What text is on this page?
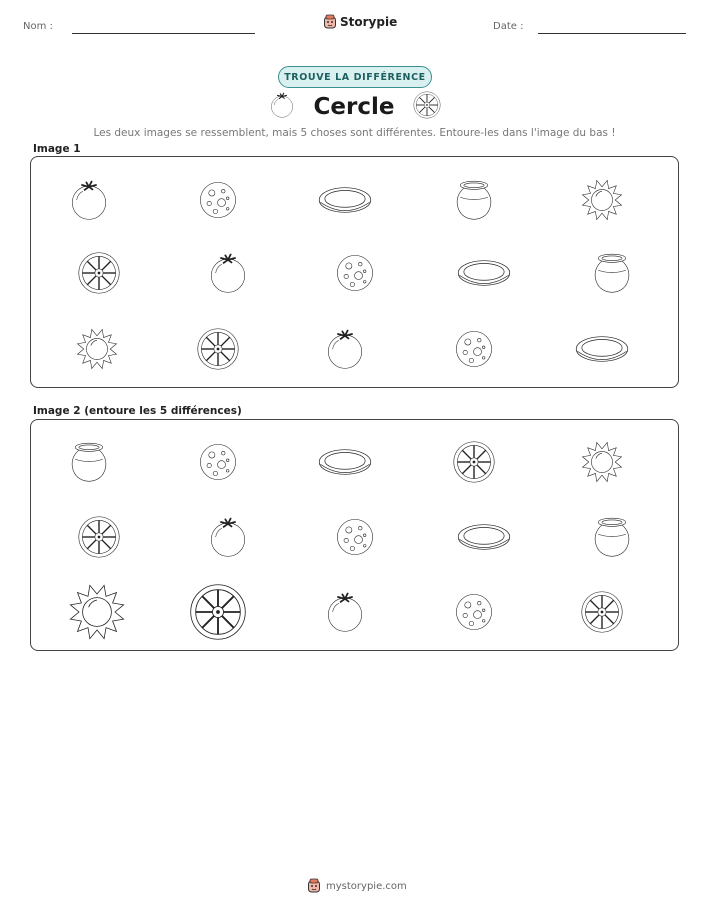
Nom :	Storypie	Date :
TROUVE LA DIFFÉRENCE
Cercle
Les deux images se ressemblent, mais 5 choses sont différentes. Entoure-les dans l'image du bas !
Image 1
Image 2 (entoure les 5 différences)
mystorypie.com
